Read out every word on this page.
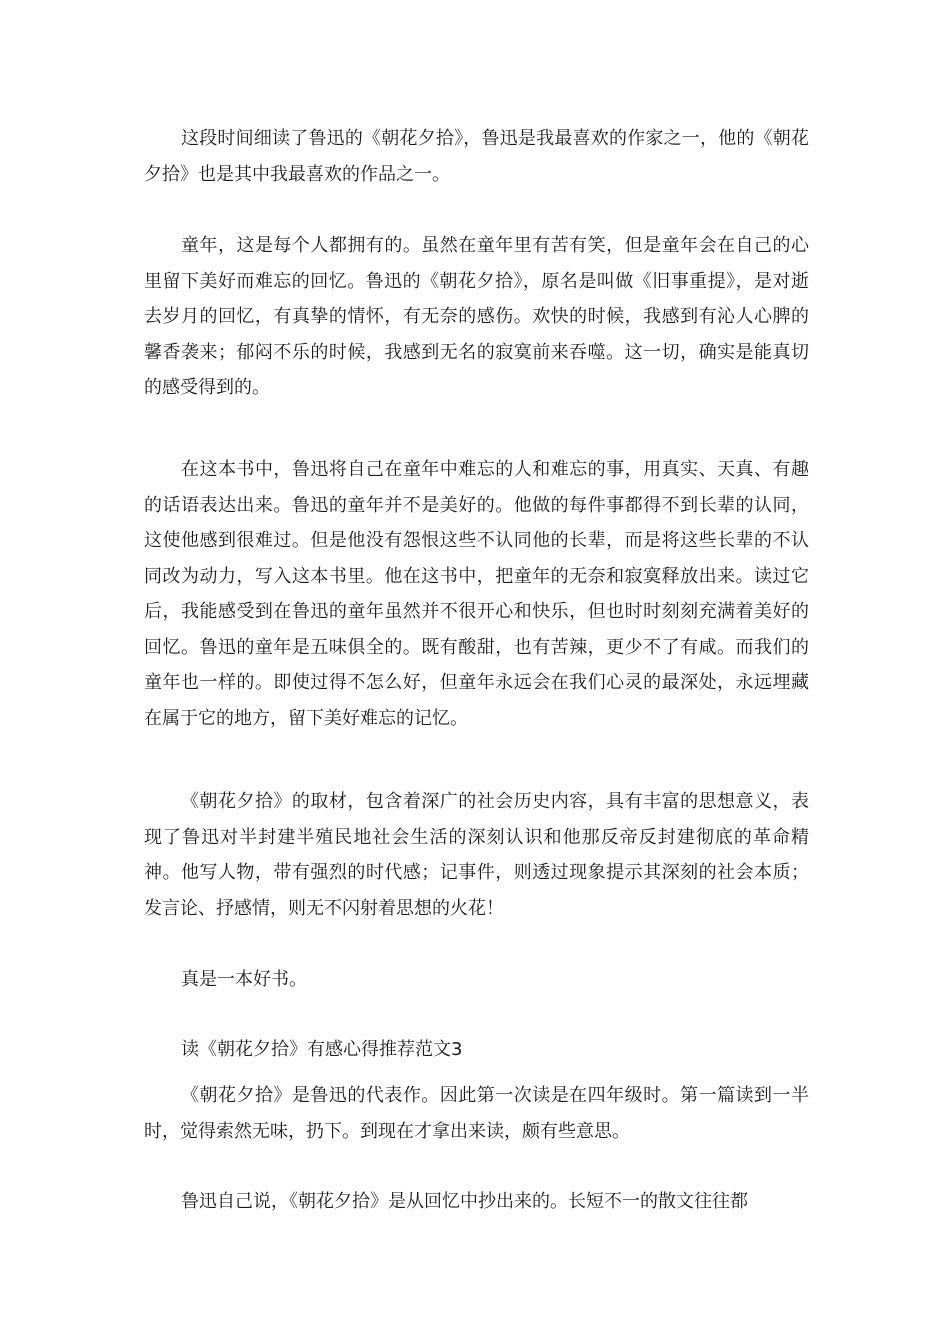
这段时间细读了鲁迅的《朝花夕拾》，鲁迅是我最喜欢的作家之一，他的《朝花夕拾》也是其中我最喜欢的作品之一。

童年，这是每个人都拥有的。虽然在童年里有苦有笑，但是童年会在自己的心里留下美好而难忘的回忆。鲁迅的《朝花夕拾》，原名是叫做《旧事重提》，是对逝去岁月的回忆，有真挚的情怀，有无奈的感伤。欢快的时候，我感到有沁人心脾的馨香袭来；郁闷不乐的时候，我感到无名的寂寞前来吞噬。这一切，确实是能真切的感受得到的。

在这本书中，鲁迅将自己在童年中难忘的人和难忘的事，用真实、天真、有趣的话语表达出来。鲁迅的童年并不是美好的。他做的每件事都得不到长辈的认同，这使他感到很难过。但是他没有怨恨这些不认同他的长辈，而是将这些长辈的不认同改为动力，写入这本书里。他在这书中，把童年的无奈和寂寞释放出来。读过它后，我能感受到在鲁迅的童年虽然并不很开心和快乐，但也时时刻刻充满着美好的回忆。鲁迅的童年是五味俱全的。既有酸甜，也有苦辣，更少不了有咸。而我们的童年也一样的。即使过得不怎么好，但童年永远会在我们心灵的最深处，永远埋藏在属于它的地方，留下美好难忘的记忆。

《朝花夕拾》的取材，包含着深广的社会历史内容，具有丰富的思想意义，表现了鲁迅对半封建半殖民地社会生活的深刻认识和他那反帝反封建彻底的革命精神。他写人物，带有强烈的时代感；记事件，则透过现象提示其深刻的社会本质；发言论、抒感情，则无不闪射着思想的火花！

真是一本好书。

读《朝花夕拾》有感心得推荐范文3

《朝花夕拾》是鲁迅的代表作。因此第一次读是在四年级时。第一篇读到一半时，觉得索然无味，扔下。到现在才拿出来读，颇有些意思。

鲁迅自己说，《朝花夕拾》是从回忆中抄出来的。长短不一的散文往往都
